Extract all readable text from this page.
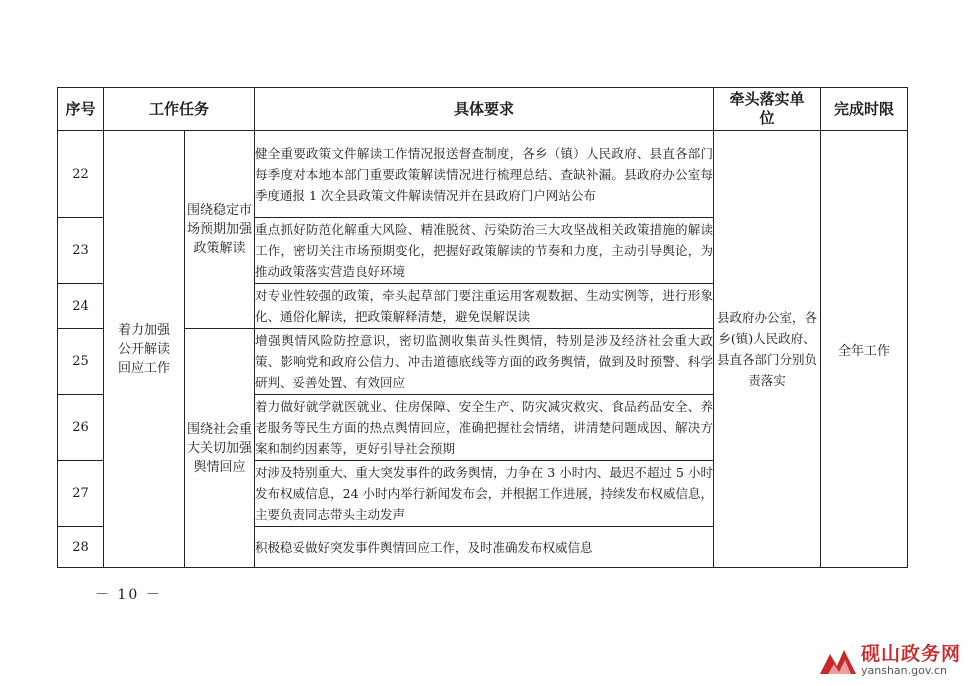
序号	工作任务		具体要求	牵头落实单位	完成时限
22	着力加强公开解读回应工作	围绕稳定市场预期加强政策解读	健全重要政策文件解读工作情况报送督查制度，各乡（镇）人民政府、县直各部门每季度对本地本部门重要政策解读情况进行梳理总结、查缺补漏。县政府办公室每季度通报 1 次全县政策文件解读情况并在县政府门户网站公布	县政府办公室，各乡(镇)人民政府、县直各部门分别负责落实	全年工作
23			重点抓好防范化解重大风险、精准脱贫、污染防治三大攻坚战相关政策措施的解读工作，密切关注市场预期变化，把握好政策解读的节奏和力度，主动引导舆论，为推动政策落实营造良好环境		
24			对专业性较强的政策，牵头起草部门要注重运用客观数据、生动实例等，进行形象化、通俗化解读，把政策解释清楚，避免误解误读		
25		围绕社会重大关切加强舆情回应	增强舆情风险防控意识，密切监测收集苗头性舆情，特别是涉及经济社会重大政策、影响党和政府公信力、冲击道德底线等方面的政务舆情，做到及时预警、科学研判、妥善处置、有效回应		
26			着力做好就学就医就业、住房保障、安全生产、防灾减灾救灾、食品药品安全、养老服务等民生方面的热点舆情回应，准确把握社会情绪，讲清楚问题成因、解决方案和制约因素等，更好引导社会预期		
27			对涉及特别重大、重大突发事件的政务舆情，力争在 3 小时内、最迟不超过 5 小时发布权威信息，24 小时内举行新闻发布会，并根据工作进展，持续发布权威信息，主要负责同志带头主动发声		
28			积极稳妥做好突发事件舆情回应工作，及时准确发布权威信息		
－ 10 －
砚山政务网
yanshan.gov.cn
